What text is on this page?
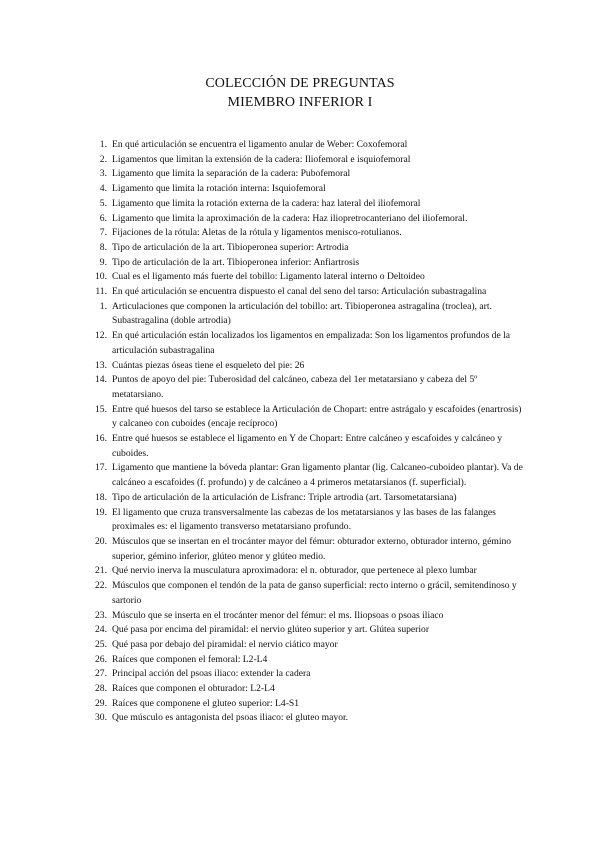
COLECCIÓN DE PREGUNTAS
MIEMBRO INFERIOR I
1. En qué articulación se encuentra el ligamento anular de Weber: Coxofemoral
2. Ligamentos que limitan la extensión de la cadera: Iliofemoral e isquiofemoral
3. Ligamento que limita la separación de la cadera: Pubofemoral
4. Ligamento que limita la rotación interna: Isquiofemoral
5. Ligamento que limita la rotación externa de la cadera: haz lateral del iliofemoral
6. Ligamento que limita la aproximación de la cadera: Haz iliopretrocanteriano del iliofemoral.
7. Fijaciones de la rótula: Aletas de la rótula y ligamentos menisco-rotulianos.
8. Tipo de articulación de la art. Tibioperonea superior: Artrodia
9. Tipo de articulación de la art. Tibioperonea inferior: Anfiartrosis
10. Cual es el ligamento más fuerte del tobillo: Ligamento lateral interno o Deltoideo
11. En qué articulación se encuentra dispuesto el canal del seno del tarso: Articulación subastragalina
1. Articulaciones que componen la articulación del tobillo: art. Tibioperonea astragalina (troclea), art. Subastragalina (doble artrodia)
12. En qué articulación están localizados los ligamentos en empalizada: Son los ligamentos profundos de la articulación subastragalina
13. Cuántas piezas óseas tiene el esqueleto del pie: 26
14. Puntos de apoyo del pie: Tuberosidad del calcáneo, cabeza del 1er metatarsiano y cabeza del 5º metatarsiano.
15. Entre qué huesos del tarso se establece la Articulación de Chopart: entre astrágalo y escafoides (enartrosis) y calcaneo con cuboides (encaje recíproco)
16. Entre qué huesos se establece el ligamento en Y de Chopart: Entre calcáneo y escafoides y calcáneo y cuboides.
17. Ligamento que mantiene la bóveda plantar: Gran ligamento plantar (lig. Calcaneo-cuboideo plantar). Va de calcáneo a escafoides (f. profundo) y de calcáneo a 4 primeros metatarsianos (f. superficial).
18. Tipo de articulación de la articulación de Lisfranc: Triple artrodia (art. Tarsometatarsiana)
19. El ligamento que cruza transversalmente las cabezas de los metatarsianos y las bases de las falanges proximales es: el ligamento transverso metatarsiano profundo.
20. Músculos que se insertan en el trocánter mayor del fémur: obturador externo, obturador interno, gémino superior, gémino inferior, glúteo menor y glúteo medio.
21. Qué nervio inerva la musculatura aproximadora: el n. obturador, que pertenece al plexo lumbar
22. Músculos que componen el tendón de la pata de ganso superficial: recto interno o grácil, semitendinoso y sartorio
23. Músculo que se inserta en el trocánter menor del fémur: el ms. Iliopsoas o psoas iliaco
24. Qué pasa por encima del piramidal: el nervio glúteo superior y art. Glútea superior
25. Qué pasa por debajo del piramidal: el nervio ciático mayor
26. Raíces que componen el femoral: L2-L4
27. Principal acción del psoas iliaco: extender la cadera
28. Raíces que componen el obturador: L2-L4
29. Raíces que componene el gluteo superior: L4-S1
30. Que músculo es antagonista del psoas iliaco: el gluteo mayor.
